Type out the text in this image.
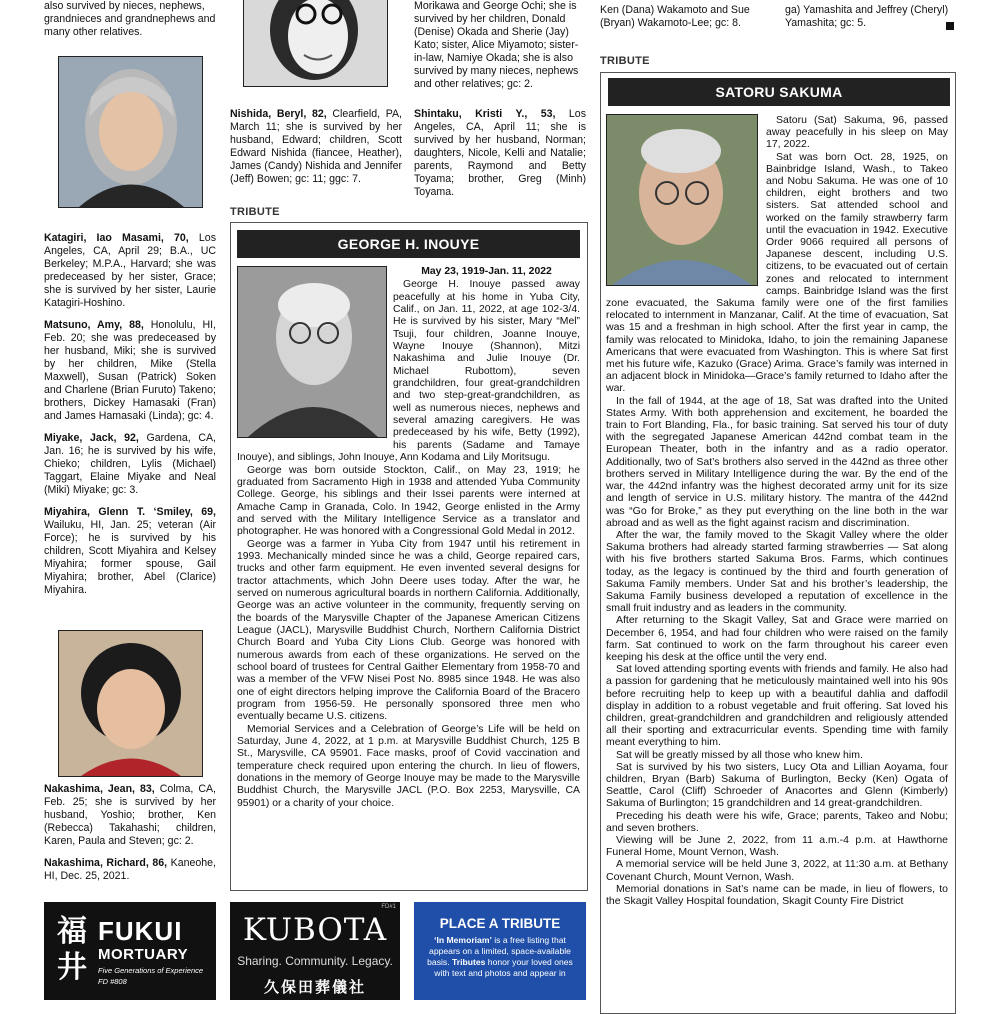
also survived by nieces, nephews, grandnieces and grandnephews and many other relatives.

Katagiri, Iao Masami, 70, Los Angeles, CA, April 29; B.A., UC Berkeley; M.P.A., Harvard; she was predeceased by her sister, Grace; she is survived by her sister, Laurie Katagiri-Hoshino.

Matsuno, Amy, 88, Honolulu, HI, Feb. 20; she was predeceased by her husband, Miki; she is survived by her children, Mike (Stella Maxwell), Susan (Patrick) Soken and Charlene (Brian Furuto) Takeno; brothers, Dickey Hamasaki (Fran) and James Hamasaki (Linda); gc: 4.

Miyake, Jack, 92, Gardena, CA, Jan. 16; he is survived by his wife, Chieko; children, Lylis (Michael) Taggart, Elaine Miyake and Neal (Miki) Miyake; gc: 3.

Miyahira, Glenn T. ‘Smiley, 69, Wailuku, HI, Jan. 25; veteran (Air Force); he is survived by his children, Scott Miyahira and Kelsey Miyahira; former spouse, Gail Miyahira; brother, Abel (Clarice) Miyahira.

Nakashima, Jean, 83, Colma, CA, Feb. 25; she is survived by her husband, Yoshio; brother, Ken (Rebecca) Takahashi; children, Karen, Paula and Steven; gc: 2.

Nakashima, Richard, 86, Kaneohe, HI, Dec. 25, 2021.

Nishida, Beryl, 82, Clearfield, PA, March 11; she is survived by her husband, Edward; children, Scott Edward Nishida (fiancee, Heather), James (Candy) Nishida and Jennifer (Jeff) Bowen; gc: 11; ggc: 7.

Morikawa and George Ochi; she is survived by her children, Donald (Denise) Okada and Sherie (Jay) Kato; sister, Alice Miyamoto; sister-in-law, Namiye Okada; she is also survived by many nieces, nephews and other relatives; gc: 2.

Shintaku, Kristi Y., 53, Los Angeles, CA, April 11; she is survived by her husband, Norman; daughters, Nicole, Kelli and Natalie; parents, Raymond and Betty Toyama; brother, Greg (Minh) Toyama.

Ken (Dana) Wakamoto and Sue (Bryan) Wakamoto-Lee; gc: 8.

ga) Yamashita and Jeffrey (Cheryl) Yamashita; gc: 5.

TRIBUTE
GEORGE H. INOUYE
May 23, 1919-Jan. 11, 2022

George H. Inouye passed away peacefully at his home in Yuba City, Calif., on Jan. 11, 2022, at age 102-3/4. He is survived by his sister, Mary “Mel” Tsuji, four children, Joanne Inouye, Wayne Inouye (Shannon), Mitzi Nakashima and Julie Inouye (Dr. Michael Rubottom), seven grandchildren, four great-grandchildren and two step-great-grandchildren, as well as numerous nieces, nephews and several amazing caregivers. He was predeceased by his wife, Betty (1992), his parents (Sadame and Tamaye Inouye), and siblings, John Inouye, Ann Kodama and Lily Moritsugu.

George was born outside Stockton, Calif., on May 23, 1919; he graduated from Sacramento High in 1938 and attended Yuba Community College. George, his siblings and their Issei parents were interned at Amache Camp in Granada, Colo. In 1942, George enlisted in the Army and served with the Military Intelligence Service as a translator and photographer. He was honored with a Congressional Gold Medal in 2012.

George was a farmer in Yuba City from 1947 until his retirement in 1993. Mechanically minded since he was a child, George repaired cars, trucks and other farm equipment. He even invented several designs for tractor attachments, which John Deere uses today. After the war, he served on numerous agricultural boards in northern California. Additionally, George was an active volunteer in the community, frequently serving on the boards of the Marysville Chapter of the Japanese American Citizens League (JACL), Marysville Buddhist Church, Northern California District Church Board and Yuba City Lions Club. George was honored with numerous awards from each of these organizations. He served on the school board of trustees for Central Gaither Elementary from 1958-70 and was a member of the VFW Nisei Post No. 8985 since 1948. He was also one of eight directors helping improve the California Board of the Bracero program from 1956-59. He personally sponsored three men who eventually became U.S. citizens.

Memorial Services and a Celebration of George’s Life will be held on Saturday, June 4, 2022, at 1 p.m. at Marysville Buddhist Church, 125 B St., Marysville, CA 95901. Face masks, proof of Covid vaccination and temperature check required upon entering the church. In lieu of flowers, donations in the memory of George Inouye may be made to the Marysville Buddhist Church, the Marysville JACL (P.O. Box 2253, Marysville, CA 95901) or a charity of your choice.

TRIBUTE
SATORU SAKUMA

Satoru (Sat) Sakuma, 96, passed away peacefully in his sleep on May 17, 2022.

Sat was born Oct. 28, 1925, on Bainbridge Island, Wash., to Takeo and Nobu Sakuma. He was one of 10 children, eight brothers and two sisters. Sat attended school and worked on the family strawberry farm until the evacuation in 1942. Executive Order 9066 required all persons of Japanese descent, including U.S. citizens, to be evacuated out of certain zones and relocated to internment camps. Bainbridge Island was the first zone evacuated, the Sakuma family were one of the first families relocated to internment in Manzanar, Calif. At the time of evacuation, Sat was 15 and a freshman in high school. After the first year in camp, the family was relocated to Minidoka, Idaho, to join the remaining Japanese Americans that were evacuated from Washington. This is where Sat first met his future wife, Kazuko (Grace) Arima. Grace’s family was interned in an adjacent block in Minidoka—Grace’s family returned to Idaho after the war.

In the fall of 1944, at the age of 18, Sat was drafted into the United States Army. With both apprehension and excitement, he boarded the train to Fort Blanding, Fla., for basic training. Sat served his tour of duty with the segregated Japanese American 442nd combat team in the European Theater, both in the infantry and as a radio operator. Additionally, two of Sat’s brothers also served in the 442nd as three other brothers served in Military Intelligence during the war. By the end of the war, the 442nd infantry was the highest decorated army unit for its size and length of service in U.S. military history. The mantra of the 442nd was “Go for Broke,” as they put everything on the line both in the war abroad and as well as the fight against racism and discrimination.

After the war, the family moved to the Skagit Valley where the older Sakuma brothers had already started farming strawberries — Sat along with his five brothers started Sakuma Bros. Farms, which continues today, as the legacy is continued by the third and fourth generation of Sakuma Family members. Under Sat and his brother’s leadership, the Sakuma Family business developed a reputation of excellence in the small fruit industry and as leaders in the community.

After returning to the Skagit Valley, Sat and Grace were married on December 6, 1954, and had four children who were raised on the family farm. Sat continued to work on the farm throughout his career even keeping his desk at the office until the very end.

Sat loved attending sporting events with friends and family. He also had a passion for gardening that he meticulously maintained well into his 90s before recruiting help to keep up with a beautiful dahlia and daffodil display in addition to a robust vegetable and fruit offering. Sat loved his children, great-grandchildren and grandchildren and religiously attended all their sporting and extracurricular events. Spending time with family meant everything to him.

Sat will be greatly missed by all those who knew him.

Sat is survived by his two sisters, Lucy Ota and Lillian Aoyama, four children, Bryan (Barb) Sakuma of Burlington, Becky (Ken) Ogata of Seattle, Carol (Cliff) Schroeder of Anacortes and Glenn (Kimberly) Sakuma of Burlington; 15 grandchildren and 14 great-grandchildren.

Preceding his death were his wife, Grace; parents, Takeo and Nobu; and seven brothers.

Viewing will be June 2, 2022, from 11 a.m.-4 p.m. at Hawthorne Funeral Home, Mount Vernon, Wash.

A memorial service will be held June 3, 2022, at 11:30 a.m. at Bethany Covenant Church, Mount Vernon, Wash.

Memorial donations in Sat’s name can be made, in lieu of flowers, to the Skagit Valley Hospital foundation, Skagit County Fire District

福
井
FUKUI
MORTUARY
Five Generations of Experience
FD #808
FD#1
KUBOTA
Sharing. Community. Legacy.
久保田葬儀社
PLACE A TRIBUTE
‘In Memoriam’ is a free listing that appears on a limited, space-available basis. Tributes honor your loved ones with text and photos and appear in
